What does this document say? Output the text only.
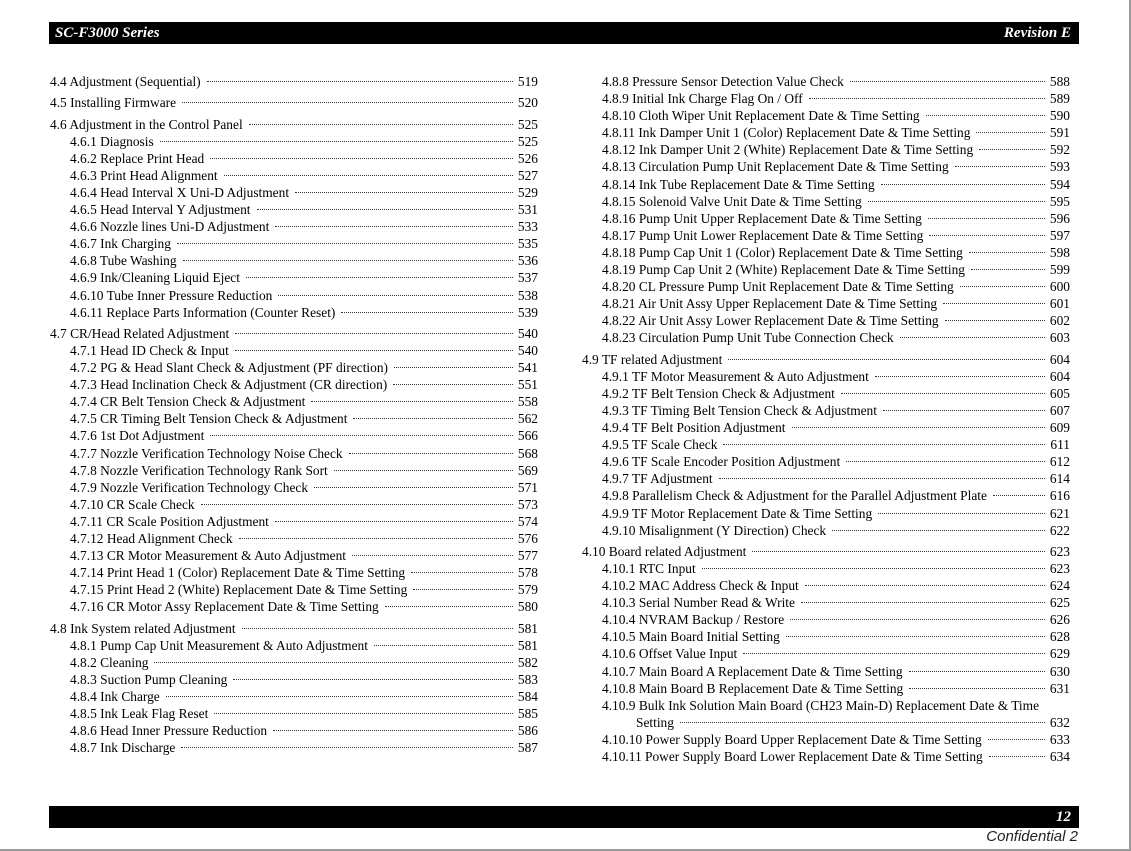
SC-F3000 Series	Revision E
4.4 Adjustment (Sequential)	519
4.5 Installing Firmware	520
4.6 Adjustment in the Control Panel	525
4.6.1 Diagnosis	525
4.6.2 Replace Print Head	526
4.6.3 Print Head Alignment	527
4.6.4 Head Interval X Uni-D Adjustment	529
4.6.5 Head Interval Y Adjustment	531
4.6.6 Nozzle lines Uni-D Adjustment	533
4.6.7 Ink Charging	535
4.6.8 Tube Washing	536
4.6.9 Ink/Cleaning Liquid Eject	537
4.6.10 Tube Inner Pressure Reduction	538
4.6.11 Replace Parts Information (Counter Reset)	539
4.7 CR/Head Related Adjustment	540
4.7.1 Head ID Check & Input	540
4.7.2 PG & Head Slant Check & Adjustment (PF direction)	541
4.7.3 Head Inclination Check & Adjustment (CR direction)	551
4.7.4 CR Belt Tension Check & Adjustment	558
4.7.5 CR Timing Belt Tension Check & Adjustment	562
4.7.6 1st Dot Adjustment	566
4.7.7 Nozzle Verification Technology Noise Check	568
4.7.8 Nozzle Verification Technology Rank Sort	569
4.7.9 Nozzle Verification Technology Check	571
4.7.10 CR Scale Check	573
4.7.11 CR Scale Position Adjustment	574
4.7.12 Head Alignment Check	576
4.7.13 CR Motor Measurement & Auto Adjustment	577
4.7.14 Print Head 1 (Color) Replacement Date & Time Setting	578
4.7.15 Print Head 2 (White) Replacement Date & Time Setting	579
4.7.16 CR Motor Assy Replacement Date & Time Setting	580
4.8 Ink System related Adjustment	581
4.8.1 Pump Cap Unit Measurement & Auto Adjustment	581
4.8.2 Cleaning	582
4.8.3 Suction Pump Cleaning	583
4.8.4 Ink Charge	584
4.8.5 Ink Leak Flag Reset	585
4.8.6 Head Inner Pressure Reduction	586
4.8.7 Ink Discharge	587
4.8.8 Pressure Sensor Detection Value Check	588
4.8.9 Initial Ink Charge Flag On / Off	589
4.8.10 Cloth Wiper Unit Replacement Date & Time Setting	590
4.8.11 Ink Damper Unit 1 (Color) Replacement Date & Time Setting	591
4.8.12 Ink Damper Unit 2 (White) Replacement Date & Time Setting	592
4.8.13 Circulation Pump Unit Replacement Date & Time Setting	593
4.8.14 Ink Tube Replacement Date & Time Setting	594
4.8.15 Solenoid Valve Unit Date & Time Setting	595
4.8.16 Pump Unit Upper Replacement Date & Time Setting	596
4.8.17 Pump Unit Lower Replacement Date & Time Setting	597
4.8.18 Pump Cap Unit 1 (Color) Replacement Date & Time Setting	598
4.8.19 Pump Cap Unit 2 (White) Replacement Date & Time Setting	599
4.8.20 CL Pressure Pump Unit Replacement Date & Time Setting	600
4.8.21 Air Unit Assy Upper Replacement Date & Time Setting	601
4.8.22 Air Unit Assy Lower Replacement Date & Time Setting	602
4.8.23 Circulation Pump Unit Tube Connection Check	603
4.9 TF related Adjustment	604
4.9.1 TF Motor Measurement & Auto Adjustment	604
4.9.2 TF Belt Tension Check & Adjustment	605
4.9.3 TF Timing Belt Tension Check & Adjustment	607
4.9.4 TF Belt Position Adjustment	609
4.9.5 TF Scale Check	611
4.9.6 TF Scale Encoder Position Adjustment	612
4.9.7 TF Adjustment	614
4.9.8 Parallelism Check & Adjustment for the Parallel Adjustment Plate	616
4.9.9 TF Motor Replacement Date & Time Setting	621
4.9.10 Misalignment (Y Direction) Check	622
4.10 Board related Adjustment	623
4.10.1 RTC Input	623
4.10.2 MAC Address Check & Input	624
4.10.3 Serial Number Read & Write	625
4.10.4 NVRAM Backup / Restore	626
4.10.5 Main Board Initial Setting	628
4.10.6 Offset Value Input	629
4.10.7 Main Board A Replacement Date & Time Setting	630
4.10.8 Main Board B Replacement Date & Time Setting	631
4.10.9 Bulk Ink Solution Main Board (CH23 Main-D) Replacement Date & Time
Setting	632
4.10.10 Power Supply Board Upper Replacement Date & Time Setting	633
4.10.11 Power Supply Board Lower Replacement Date & Time Setting	634
12
Confidential 2
